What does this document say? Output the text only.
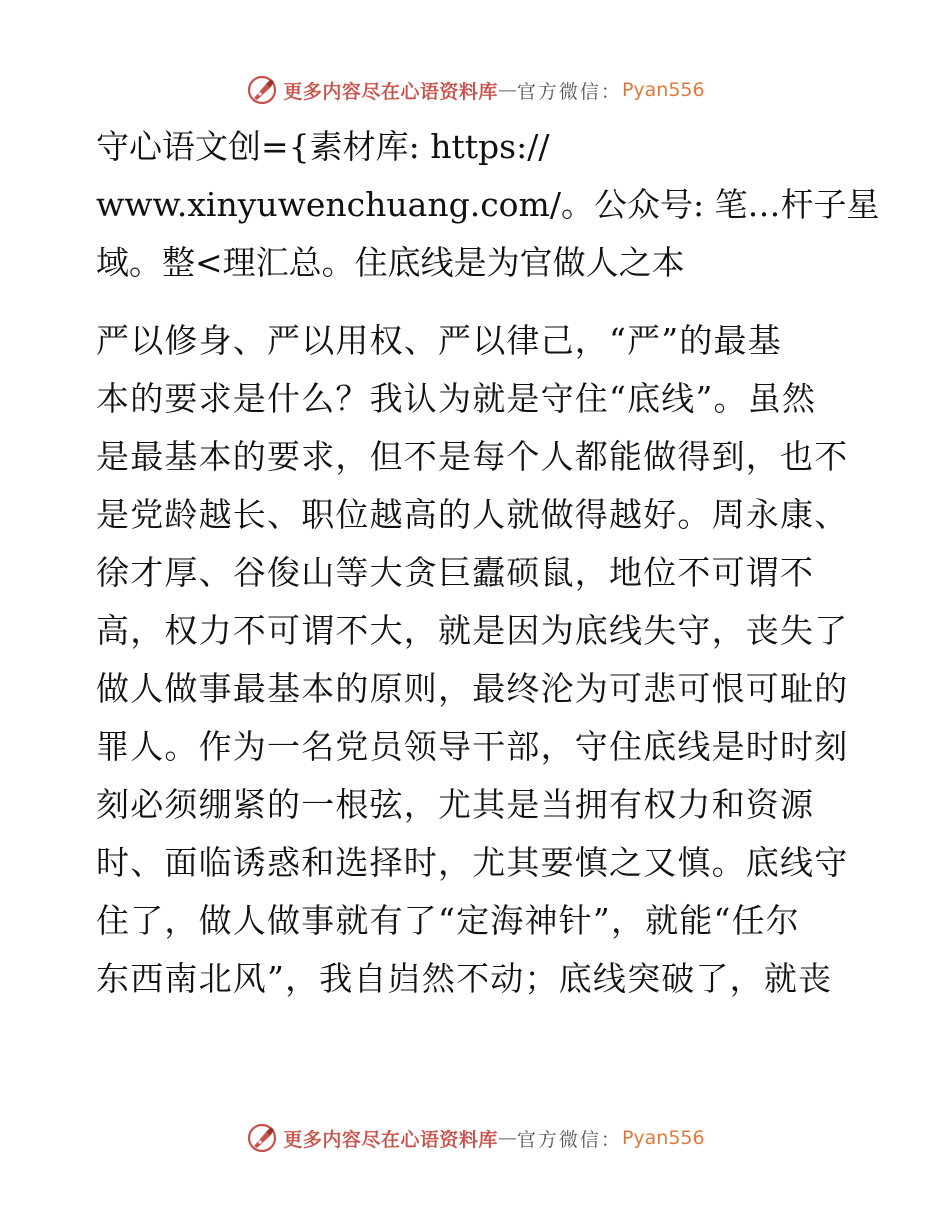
更多内容尽在心语资料库 — 官方微信： Pyan556
守心语文创={素材库: https://
www.xinyuwenchuang.com/。公众号: 笔…杆子星
域。整<理汇总。住底线是为官做人之本
严以修身、严以用权、严以律己，“严”的最基
本的要求是什么？我认为就是守住“底线”。虽然
是最基本的要求，但不是每个人都能做得到，也不
是党龄越长、职位越高的人就做得越好。周永康、
徐才厚、谷俊山等大贪巨蠹硕鼠，地位不可谓不
高，权力不可谓不大，就是因为底线失守，丧失了
做人做事最基本的原则，最终沦为可悲可恨可耻的
罪人。作为一名党员领导干部，守住底线是时时刻
刻必须绷紧的一根弦，尤其是当拥有权力和资源
时、面临诱惑和选择时，尤其要慎之又慎。底线守
住了，做人做事就有了“定海神针”，就能“任尔
东西南北风”，我自岿然不动；底线突破了，就丧
更多内容尽在心语资料库 — 官方微信： Pyan556
